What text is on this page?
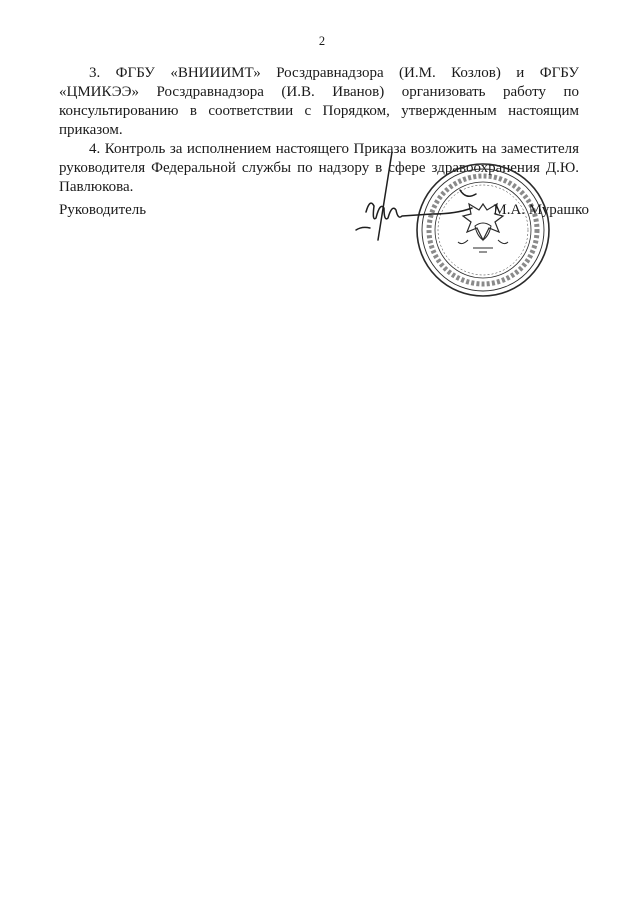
2

3. ФГБУ «ВНИИИМТ» Росздравнадзора (И.М. Козлов) и ФГБУ «ЦМИКЭЭ» Росздравнадзора (И.В. Иванов) организовать работу по консультированию в соответствии с Порядком, утвержденным настоящим приказом.

4. Контроль за исполнением настоящего Приказа возложить на заместителя руководителя Федеральной службы по надзору в сфере здравоохранения Д.Ю. Павлюкова.

Руководитель	М.А. Мурашко
